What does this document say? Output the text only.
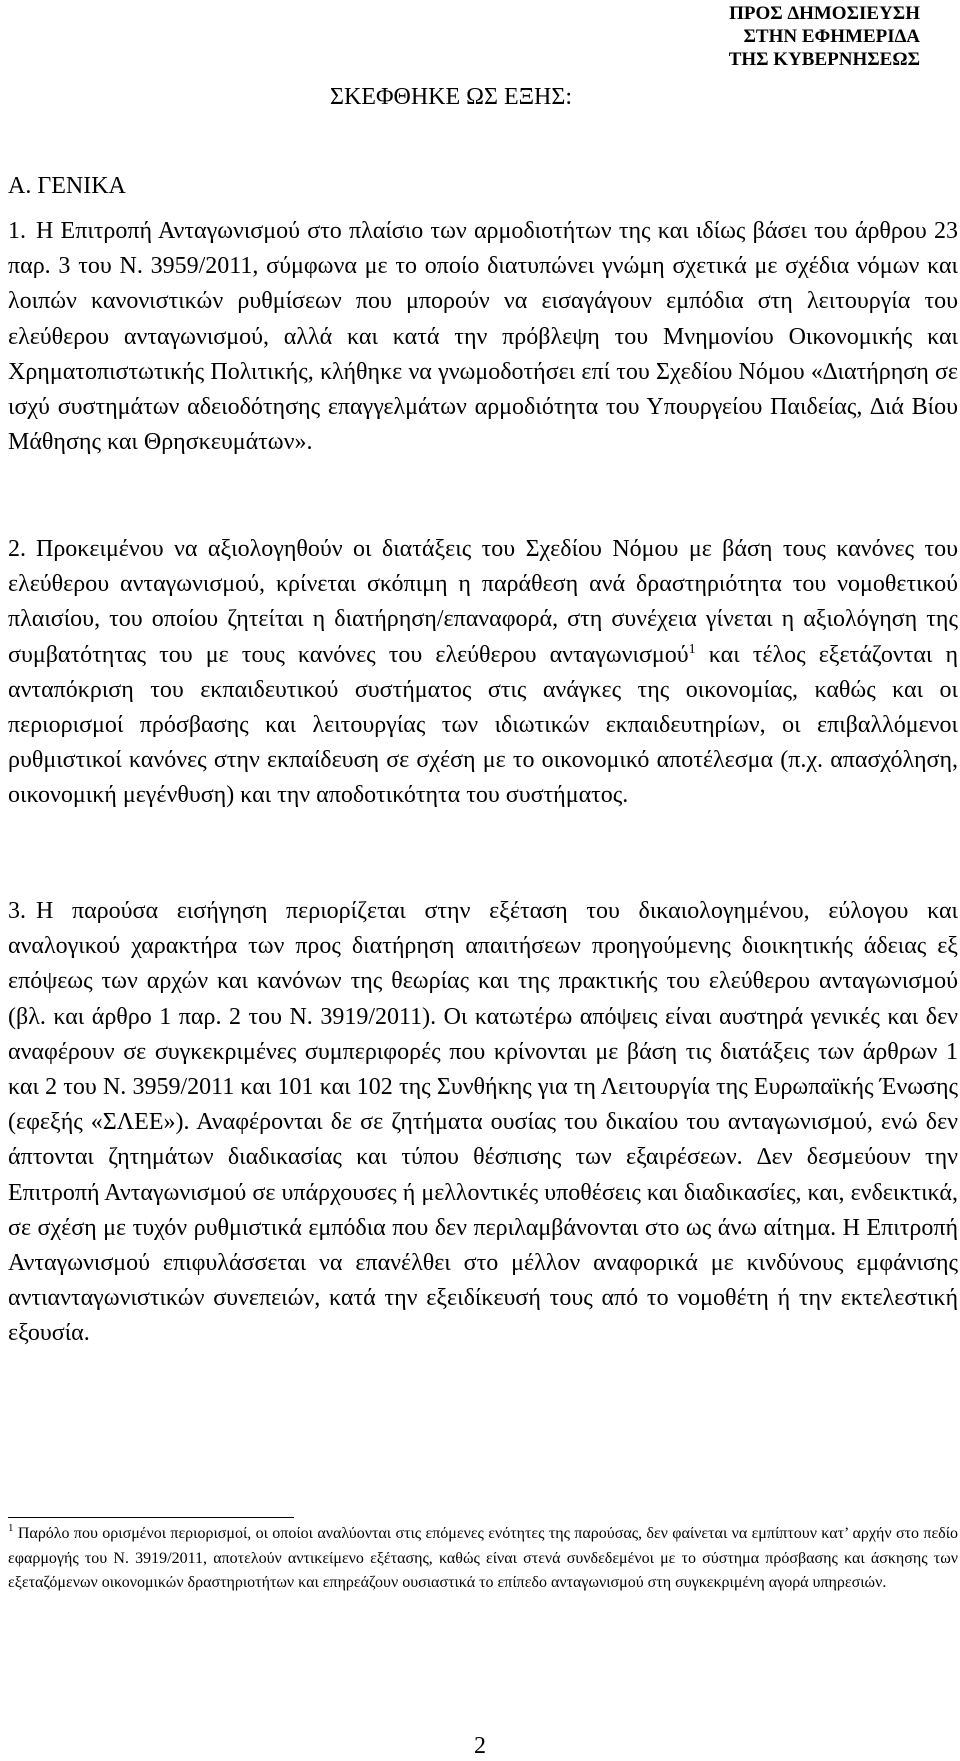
ΠΡΟΣ ∆ΗΜΟΣΙΕΥΣΗ
ΣΤΗΝ ΕΦΗΜΕΡΙ∆Α
ΤΗΣ ΚΥΒΕΡΝΗΣΕΩΣ
ΣΚΕΦΘΗΚΕ ΩΣ ΕΞΗΣ:
Α. ΓΕΝΙΚΑ
1. Η Επιτροπή Ανταγωνισμού στο πλαίσιο των αρμοδιοτήτων της και ιδίως βάσει του άρθρου 23 παρ. 3 του Ν. 3959/2011, σύμφωνα με το οποίο διατυπώνει γνώμη σχετικά με σχέδια νόμων και λοιπών κανονιστικών ρυθμίσεων που μπορούν να εισαγάγουν εμπόδια στη λειτουργία του ελεύθερου ανταγωνισμού, αλλά και κατά την πρόβλεψη του Μνημονίου Οικονομικής και Χρηματοπιστωτικής Πολιτικής, κλήθηκε να γνωμοδοτήσει επί του Σχεδίου Νόμου «∆ιατήρηση σε ισχύ συστημάτων αδειοδότησης επαγγελμάτων αρμοδιότητα του Υπουργείου Παιδείας, ∆ιά Βίου Μάθησης και Θρησκευμάτων».
2. Προκειμένου να αξιολογηθούν οι διατάξεις του Σχεδίου Νόμου με βάση τους κανόνες του ελεύθερου ανταγωνισμού, κρίνεται σκόπιμη η παράθεση ανά δραστηριότητα του νομοθετικού πλαισίου, του οποίου ζητείται η διατήρηση/επαναφορά, στη συνέχεια γίνεται η αξιολόγηση της συμβατότητας του με τους κανόνες του ελεύθερου ανταγωνισμού$^1$ και τέλος εξετάζονται η ανταπόκριση του εκπαιδευτικού συστήματος στις ανάγκες της οικονομίας, καθώς και οι περιορισμοί πρόσβασης και λειτουργίας των ιδιωτικών εκπαιδευτηρίων, οι επιβαλλόμενοι ρυθμιστικοί κανόνες στην εκπαίδευση σε σχέση με το οικονομικό αποτέλεσμα (π.χ. απασχόληση, οικονομική μεγένθυση) και την αποδοτικότητα του συστήματος.
3. Η παρούσα εισήγηση περιορίζεται στην εξέταση του δικαιολογημένου, εύλογου και αναλογικού χαρακτήρα των προς διατήρηση απαιτήσεων προηγούμενης διοικητικής άδειας εξ επόψεως των αρχών και κανόνων της θεωρίας και της πρακτικής του ελεύθερου ανταγωνισμού (βλ. και άρθρο 1 παρ. 2 του Ν. 3919/2011). Οι κατωτέρω απόψεις είναι αυστηρά γενικές και δεν αναφέρουν σε συγκεκριμένες συμπεριφορές που κρίνονται με βάση τις διατάξεις των άρθρων 1 και 2 του Ν. 3959/2011 και 101 και 102 της Συνθήκης για τη Λειτουργία της Ευρωπαϊκής Ένωσης (εφεξής «ΣΛΕΕ»). Αναφέρονται δε σε ζητήματα ουσίας του δικαίου του ανταγωνισμού, ενώ δεν άπτονται ζητημάτων διαδικασίας και τύπου θέσπισης των εξαιρέσεων. ∆εν δεσμεύουν την Επιτροπή Ανταγωνισμού σε υπάρχουσες ή μελλοντικές υποθέσεις και διαδικασίες, και, ενδεικτικά, σε σχέση με τυχόν ρυθμιστικά εμπόδια που δεν περιλαμβάνονται στο ως άνω αίτημα. Η Επιτροπή Ανταγωνισμού επιφυλάσσεται να επανέλθει στο μέλλον αναφορικά με κινδύνους εμφάνισης αντιανταγωνιστικών συνεπειών, κατά την εξειδίκευσή τους από το νομοθέτη ή την εκτελεστική εξουσία.
$^1$ Παρόλο που ορισμένοι περιορισμοί, οι οποίοι αναλύονται στις επόμενες ενότητες της παρούσας, δεν φαίνεται να εμπίπτουν κατ’ αρχήν στο πεδίο εφαρμογής του Ν. 3919/2011, αποτελούν αντικείμενο εξέτασης, καθώς είναι στενά συνδεδεμένοι με το σύστημα πρόσβασης και άσκησης των εξεταζόμενων οικονομικών δραστηριοτήτων και επηρεάζουν ουσιαστικά το επίπεδο ανταγωνισμού στη συγκεκριμένη αγορά υπηρεσιών.
2
